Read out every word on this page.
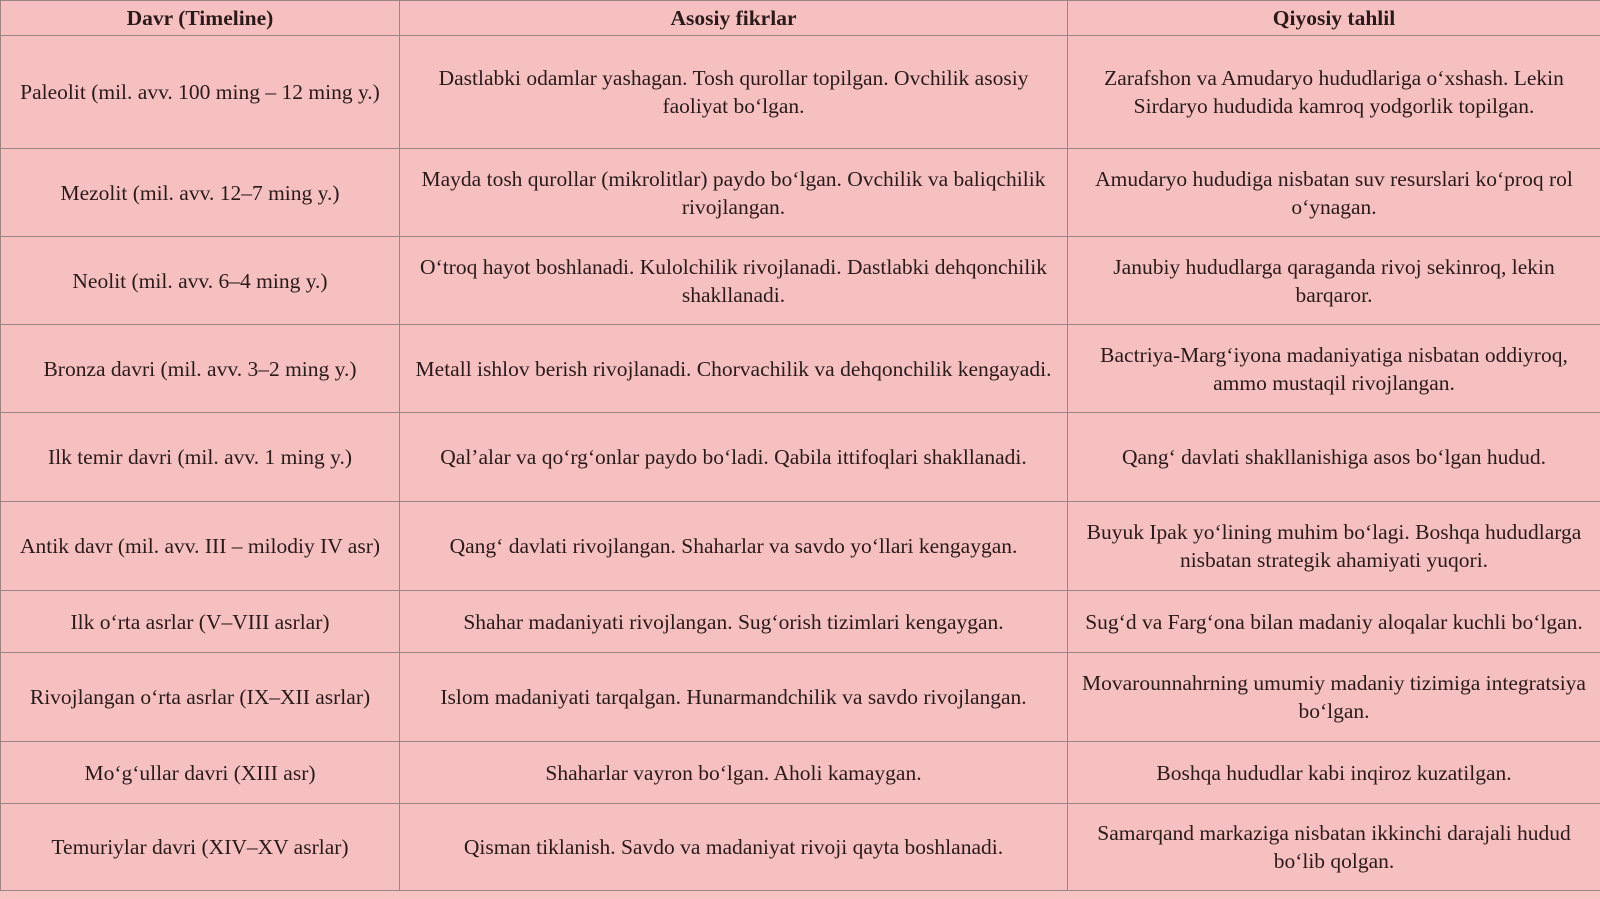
Davr (Timeline)	Asosiy fikrlar	Qiyosiy tahlil
Paleolit (mil. avv. 100 ming – 12 ming y.)	Dastlabki odamlar yashagan. Tosh qurollar topilgan. Ovchilik asosiy faoliyat bo‘lgan.	Zarafshon va Amudaryo hududlariga o‘xshash. Lekin Sirdaryo hududida kamroq yodgorlik topilgan.
Mezolit (mil. avv. 12–7 ming y.)	Mayda tosh qurollar (mikrolitlar) paydo bo‘lgan. Ovchilik va baliqchilik rivojlangan.	Amudaryo hududiga nisbatan suv resurslari ko‘proq rol o‘ynagan.
Neolit (mil. avv. 6–4 ming y.)	O‘troq hayot boshlanadi. Kulolchilik rivojlanadi. Dastlabki dehqonchilik shakllanadi.	Janubiy hududlarga qaraganda rivoj sekinroq, lekin barqaror.
Bronza davri (mil. avv. 3–2 ming y.)	Metall ishlov berish rivojlanadi. Chorvachilik va dehqonchilik kengayadi.	Bactriya-Marg‘iyona madaniyatiga nisbatan oddiyroq, ammo mustaqil rivojlangan.
Ilk temir davri (mil. avv. 1 ming y.)	Qal’alar va qo‘rg‘onlar paydo bo‘ladi. Qabila ittifoqlari shakllanadi.	Qang‘ davlati shakllanishiga asos bo‘lgan hudud.
Antik davr (mil. avv. III – milodiy IV asr)	Qang‘ davlati rivojlangan. Shaharlar va savdo yo‘llari kengaygan.	Buyuk Ipak yo‘lining muhim bo‘lagi. Boshqa hududlarga nisbatan strategik ahamiyati yuqori.
Ilk o‘rta asrlar (V–VIII asrlar)	Shahar madaniyati rivojlangan. Sug‘orish tizimlari kengaygan.	Sug‘d va Farg‘ona bilan madaniy aloqalar kuchli bo‘lgan.
Rivojlangan o‘rta asrlar (IX–XII asrlar)	Islom madaniyati tarqalgan. Hunarmandchilik va savdo rivojlangan.	Movarounnahrning umumiy madaniy tizimiga integratsiya bo‘lgan.
Mo‘g‘ullar davri (XIII asr)	Shaharlar vayron bo‘lgan. Aholi kamaygan.	Boshqa hududlar kabi inqiroz kuzatilgan.
Temuriylar davri (XIV–XV asrlar)	Qisman tiklanish. Savdo va madaniyat rivoji qayta boshlanadi.	Samarqand markaziga nisbatan ikkinchi darajali hudud bo‘lib qolgan.
